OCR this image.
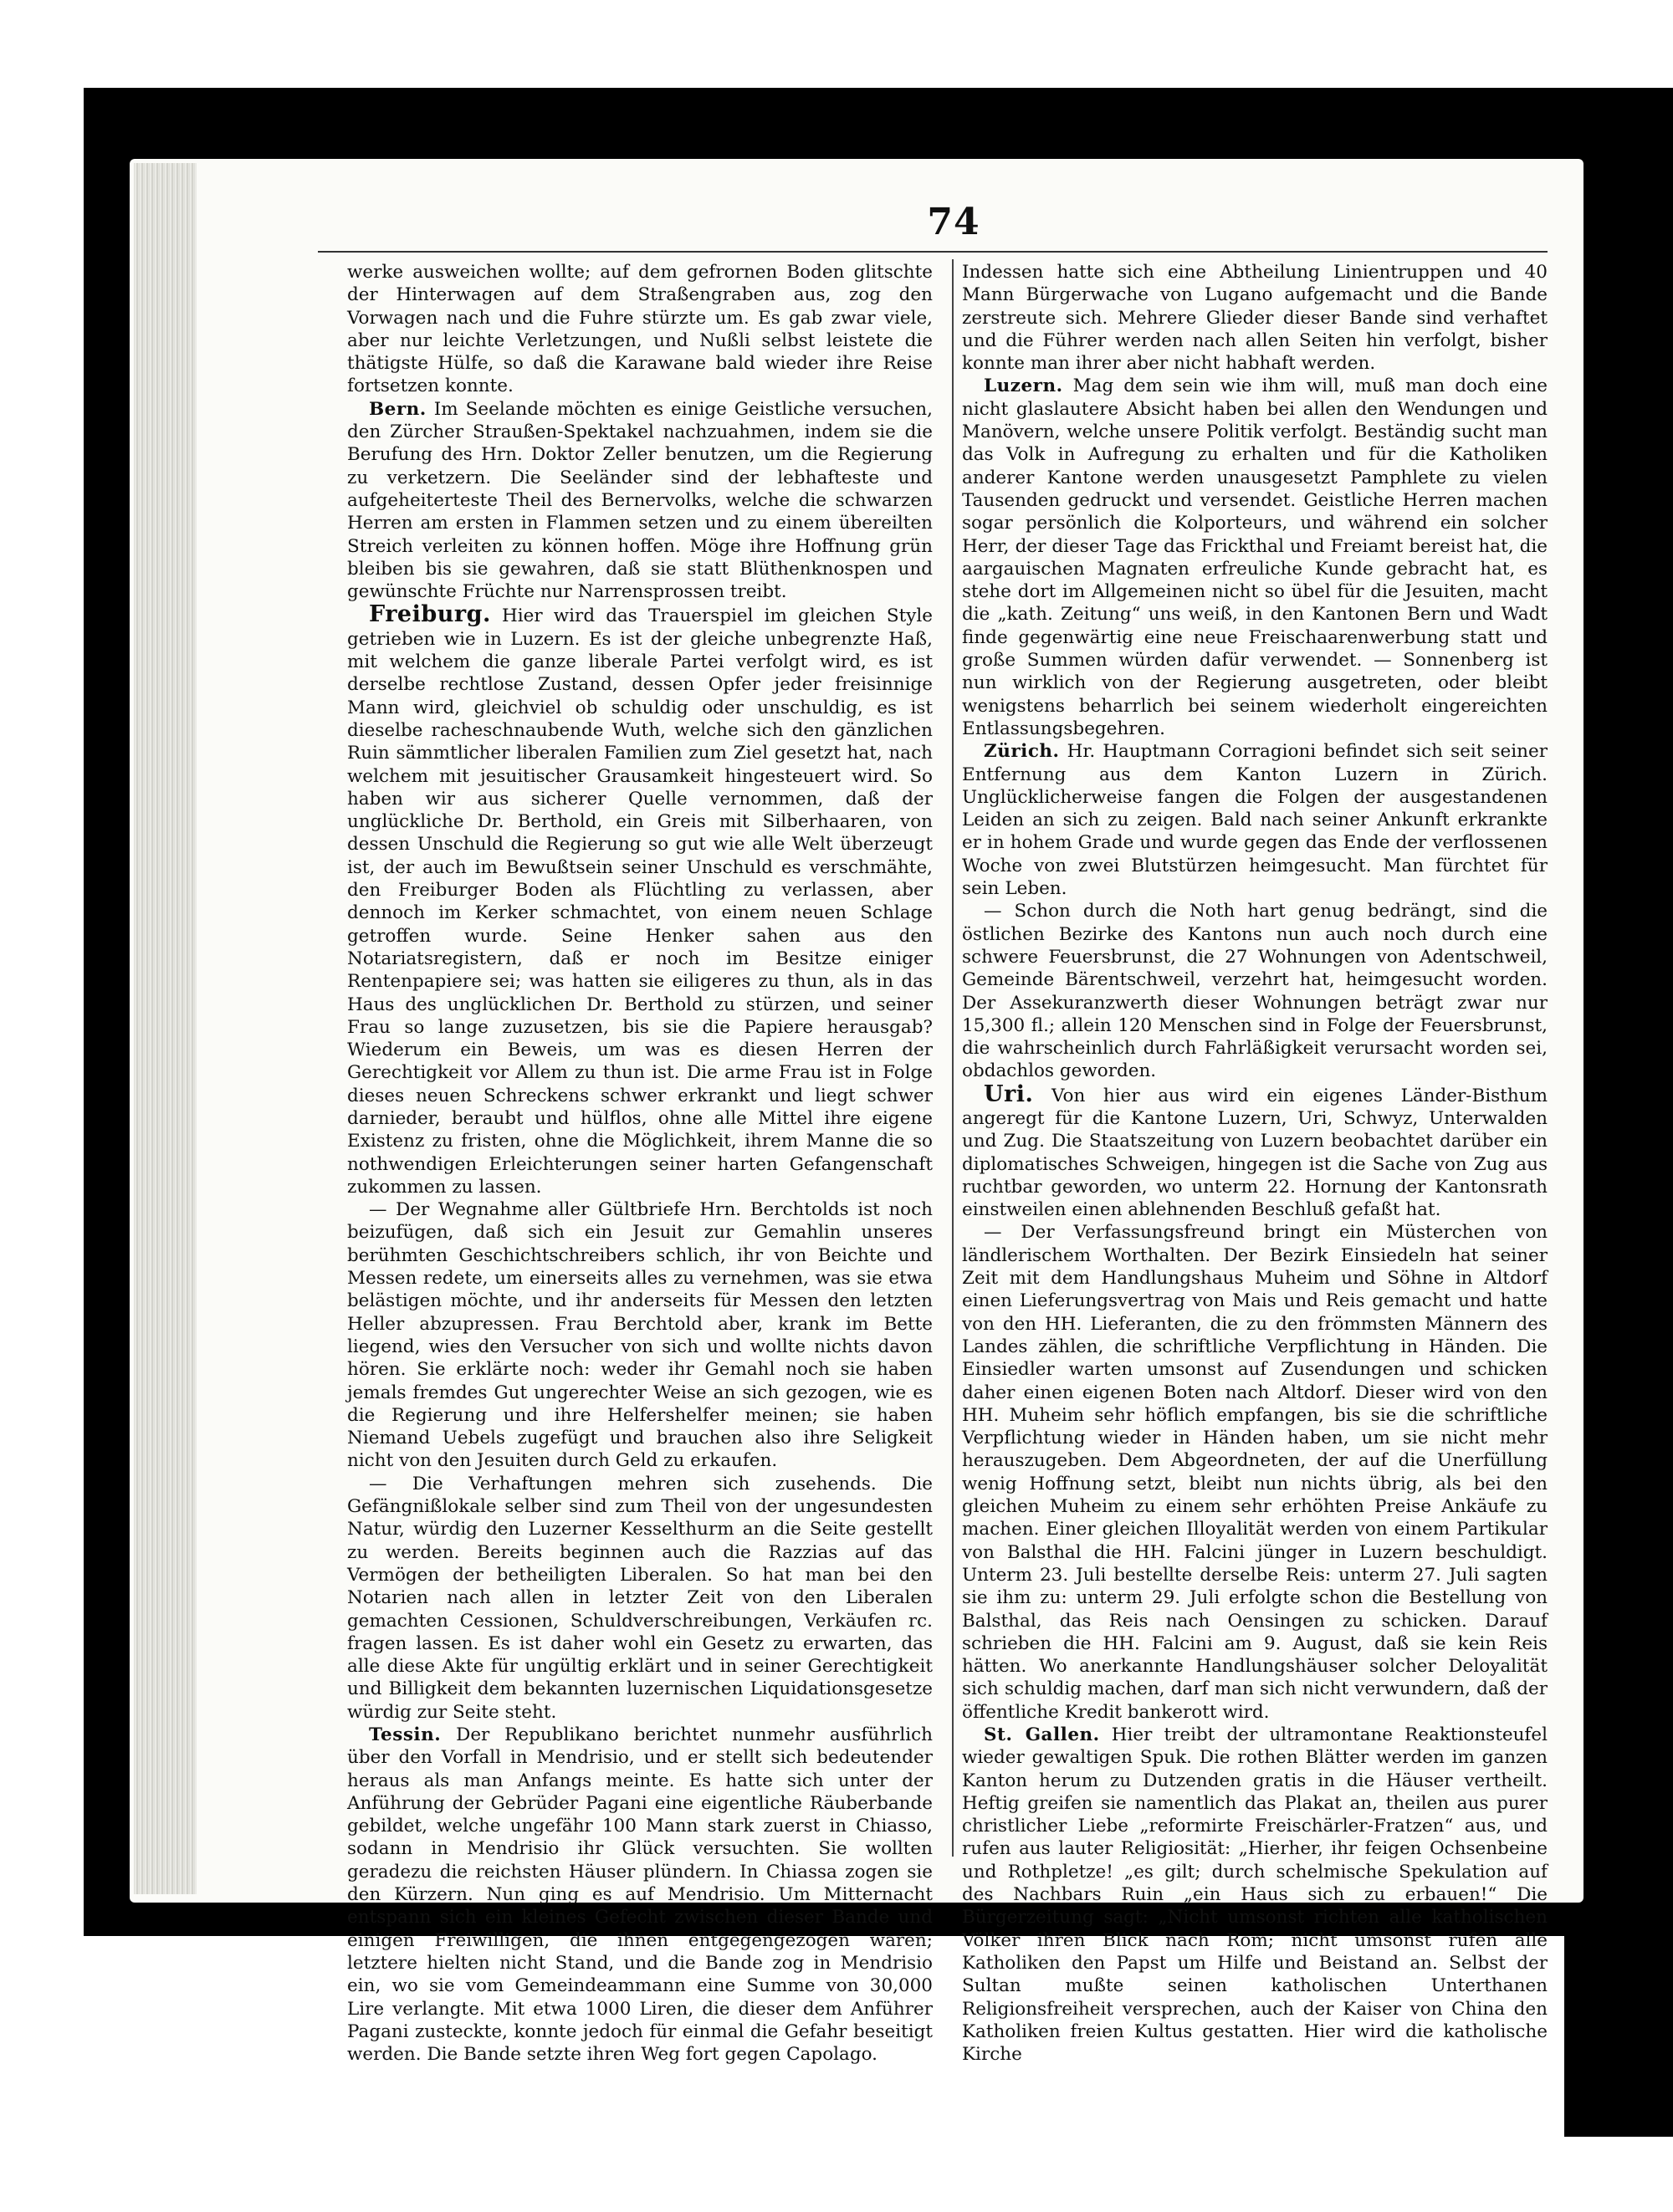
74

werke ausweichen wollte; auf dem gefrornen Boden glitschte der Hinterwagen auf dem Straßengraben aus, zog den Vorwagen nach und die Fuhre stürzte um. Es gab zwar viele, aber nur leichte Verletzungen, und Nußli selbst leistete die thätigste Hülfe, so daß die Karawane bald wieder ihre Reise fortsetzen konnte.

Bern. Im Seelande möchten es einige Geistliche versuchen, den Zürcher Straußen-Spektakel nachzuahmen, indem sie die Berufung des Hrn. Doktor Zeller benutzen, um die Regierung zu verketzern. Die Seeländer sind der lebhafteste und aufgeheiterteste Theil des Bernervolks, welche die schwarzen Herren am ersten in Flammen setzen und zu einem übereilten Streich verleiten zu können hoffen. Möge ihre Hoffnung grün bleiben bis sie gewahren, daß sie statt Blüthenknospen und gewünschte Früchte nur Narrensprossen treibt.

Freiburg. Hier wird das Trauerspiel im gleichen Style getrieben wie in Luzern. Es ist der gleiche unbegrenzte Haß, mit welchem die ganze liberale Partei verfolgt wird, es ist derselbe rechtlose Zustand, dessen Opfer jeder freisinnige Mann wird, gleichviel ob schuldig oder unschuldig, es ist dieselbe racheschnaubende Wuth, welche sich den gänzlichen Ruin sämmtlicher liberalen Familien zum Ziel gesetzt hat, nach welchem mit jesuitischer Grausamkeit hingesteuert wird. So haben wir aus sicherer Quelle vernommen, daß der unglückliche Dr. Berthold, ein Greis mit Silberhaaren, von dessen Unschuld die Regierung so gut wie alle Welt überzeugt ist, der auch im Bewußtsein seiner Unschuld es verschmähte, den Freiburger Boden als Flüchtling zu verlassen, aber dennoch im Kerker schmachtet, von einem neuen Schlage getroffen wurde. Seine Henker sahen aus den Notariatsregistern, daß er noch im Besitze einiger Rentenpapiere sei; was hatten sie eiligeres zu thun, als in das Haus des unglücklichen Dr. Berthold zu stürzen, und seiner Frau so lange zuzusetzen, bis sie die Papiere herausgab? Wiederum ein Beweis, um was es diesen Herren der Gerechtigkeit vor Allem zu thun ist. Die arme Frau ist in Folge dieses neuen Schreckens schwer erkrankt und liegt schwer darnieder, beraubt und hülflos, ohne alle Mittel ihre eigene Existenz zu fristen, ohne die Möglichkeit, ihrem Manne die so nothwendigen Erleichterungen seiner harten Gefangenschaft zukommen zu lassen.

— Der Wegnahme aller Gültbriefe Hrn. Berchtolds ist noch beizufügen, daß sich ein Jesuit zur Gemahlin unseres berühmten Geschichtschreibers schlich, ihr von Beichte und Messen redete, um einerseits alles zu vernehmen, was sie etwa belästigen möchte, und ihr anderseits für Messen den letzten Heller abzupressen. Frau Berchtold aber, krank im Bette liegend, wies den Versucher von sich und wollte nichts davon hören. Sie erklärte noch: weder ihr Gemahl noch sie haben jemals fremdes Gut ungerechter Weise an sich gezogen, wie es die Regierung und ihre Helfershelfer meinen; sie haben Niemand Uebels zugefügt und brauchen also ihre Seligkeit nicht von den Jesuiten durch Geld zu erkaufen.

— Die Verhaftungen mehren sich zusehends. Die Gefängnißlokale selber sind zum Theil von der ungesundesten Natur, würdig den Luzerner Kesselthurm an die Seite gestellt zu werden. Bereits beginnen auch die Razzias auf das Vermögen der betheiligten Liberalen. So hat man bei den Notarien nach allen in letzter Zeit von den Liberalen gemachten Cessionen, Schuldverschreibungen, Verkäufen rc. fragen lassen. Es ist daher wohl ein Gesetz zu erwarten, das alle diese Akte für ungültig erklärt und in seiner Gerechtigkeit und Billigkeit dem bekannten luzernischen Liquidationsgesetze würdig zur Seite steht.

Tessin. Der Republikano berichtet nunmehr ausführlich über den Vorfall in Mendrisio, und er stellt sich bedeutender heraus als man Anfangs meinte. Es hatte sich unter der Anführung der Gebrüder Pagani eine eigentliche Räuberbande gebildet, welche ungefähr 100 Mann stark zuerst in Chiasso, sodann in Mendrisio ihr Glück versuchten. Sie wollten geradezu die reichsten Häuser plündern. In Chiassa zogen sie den Kürzern. Nun ging es auf Mendrisio. Um Mitternacht entspann sich ein kleines Gefecht zwischen dieser Bande und einigen Freiwilligen, die ihnen entgegengezogen waren; letztere hielten nicht Stand, und die Bande zog in Mendrisio ein, wo sie vom Gemeindeammann eine Summe von 30,000 Lire verlangte. Mit etwa 1000 Liren, die dieser dem Anführer Pagani zusteckte, konnte jedoch für einmal die Gefahr beseitigt werden. Die Bande setzte ihren Weg fort gegen Capolago.

Indessen hatte sich eine Abtheilung Linientruppen und 40 Mann Bürgerwache von Lugano aufgemacht und die Bande zerstreute sich. Mehrere Glieder dieser Bande sind verhaftet und die Führer werden nach allen Seiten hin verfolgt, bisher konnte man ihrer aber nicht habhaft werden.

Luzern. Mag dem sein wie ihm will, muß man doch eine nicht glaslautere Absicht haben bei allen den Wendungen und Manövern, welche unsere Politik verfolgt. Beständig sucht man das Volk in Aufregung zu erhalten und für die Katholiken anderer Kantone werden unausgesetzt Pamphlete zu vielen Tausenden gedruckt und versendet. Geistliche Herren machen sogar persönlich die Kolporteurs, und während ein solcher Herr, der dieser Tage das Frickthal und Freiamt bereist hat, die aargauischen Magnaten erfreuliche Kunde gebracht hat, es stehe dort im Allgemeinen nicht so übel für die Jesuiten, macht die „kath. Zeitung“ uns weiß, in den Kantonen Bern und Wadt finde gegenwärtig eine neue Freischaarenwerbung statt und große Summen würden dafür verwendet. — Sonnenberg ist nun wirklich von der Regierung ausgetreten, oder bleibt wenigstens beharrlich bei seinem wiederholt eingereichten Entlassungsbegehren.

Zürich. Hr. Hauptmann Corragioni befindet sich seit seiner Entfernung aus dem Kanton Luzern in Zürich. Unglücklicherweise fangen die Folgen der ausgestandenen Leiden an sich zu zeigen. Bald nach seiner Ankunft erkrankte er in hohem Grade und wurde gegen das Ende der verflossenen Woche von zwei Blutstürzen heimgesucht. Man fürchtet für sein Leben.

— Schon durch die Noth hart genug bedrängt, sind die östlichen Bezirke des Kantons nun auch noch durch eine schwere Feuersbrunst, die 27 Wohnungen von Adentschweil, Gemeinde Bärentschweil, verzehrt hat, heimgesucht worden. Der Assekuranzwerth dieser Wohnungen beträgt zwar nur 15,300 fl.; allein 120 Menschen sind in Folge der Feuersbrunst, die wahrscheinlich durch Fahrläßigkeit verursacht worden sei, obdachlos geworden.

Uri. Von hier aus wird ein eigenes Länder-Bisthum angeregt für die Kantone Luzern, Uri, Schwyz, Unterwalden und Zug. Die Staatszeitung von Luzern beobachtet darüber ein diplomatisches Schweigen, hingegen ist die Sache von Zug aus ruchtbar geworden, wo unterm 22. Hornung der Kantonsrath einstweilen einen ablehnenden Beschluß gefaßt hat.

— Der Verfassungsfreund bringt ein Müsterchen von ländlerischem Worthalten. Der Bezirk Einsiedeln hat seiner Zeit mit dem Handlungshaus Muheim und Söhne in Altdorf einen Lieferungsvertrag von Mais und Reis gemacht und hatte von den HH. Lieferanten, die zu den frömmsten Männern des Landes zählen, die schriftliche Verpflichtung in Händen. Die Einsiedler warten umsonst auf Zusendungen und schicken daher einen eigenen Boten nach Altdorf. Dieser wird von den HH. Muheim sehr höflich empfangen, bis sie die schriftliche Verpflichtung wieder in Händen haben, um sie nicht mehr herauszugeben. Dem Abgeordneten, der auf die Unerfüllung wenig Hoffnung setzt, bleibt nun nichts übrig, als bei den gleichen Muheim zu einem sehr erhöhten Preise Ankäufe zu machen. Einer gleichen Illoyalität werden von einem Partikular von Balsthal die HH. Falcini jünger in Luzern beschuldigt. Unterm 23. Juli bestellte derselbe Reis: unterm 27. Juli sagten sie ihm zu: unterm 29. Juli erfolgte schon die Bestellung von Balsthal, das Reis nach Oensingen zu schicken. Darauf schrieben die HH. Falcini am 9. August, daß sie kein Reis hätten. Wo anerkannte Handlungshäuser solcher Deloyalität sich schuldig machen, darf man sich nicht verwundern, daß der öffentliche Kredit bankerott wird.

St. Gallen. Hier treibt der ultramontane Reaktionsteufel wieder gewaltigen Spuk. Die rothen Blätter werden im ganzen Kanton herum zu Dutzenden gratis in die Häuser vertheilt. Heftig greifen sie namentlich das Plakat an, theilen aus purer christlicher Liebe „reformirte Freischärler-Fratzen“ aus, und rufen aus lauter Religiosität: „Hierher, ihr feigen Ochsenbeine und Rothpletze! „es gilt; durch schelmische Spekulation auf des Nachbars Ruin „ein Haus sich zu erbauen!“ Die Bürgerzeitung sagt: „Nicht umsonst richten alle katholischen Völker ihren Blick nach Rom; nicht umsonst rufen alle Katholiken den Papst um Hilfe und Beistand an. Selbst der Sultan mußte seinen katholischen Unterthanen Religionsfreiheit versprechen, auch der Kaiser von China den Katholiken freien Kultus gestatten. Hier wird die katholische Kirche

b
B
K
w
l
d
g
s
d
d
d
u
n
n
e
j
S
m
g
f
S
b
G
r
w
k
d
u
R
I
D
k
m
L
w
Z
B
R
L
n
